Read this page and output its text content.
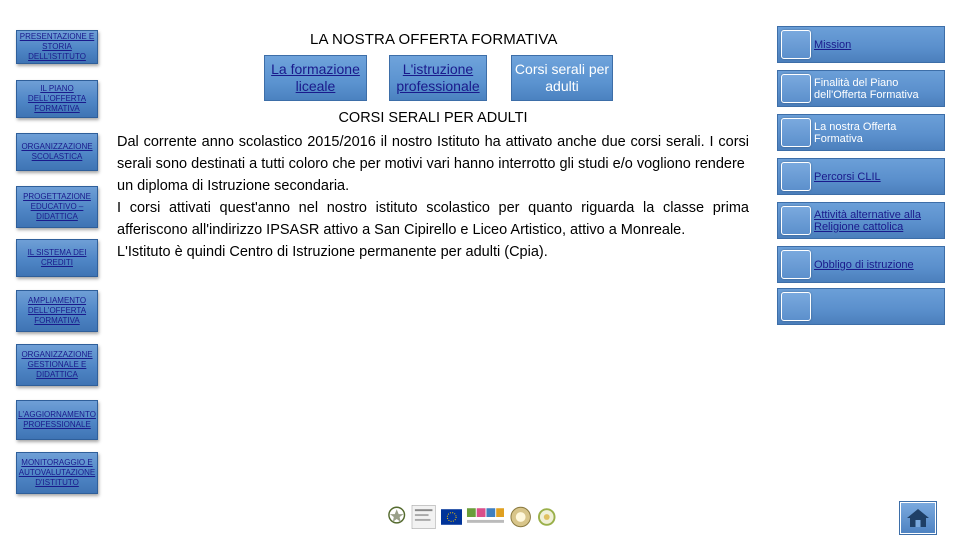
PRESENTAZIONE E STORIA DELL'ISTITUTO
IL PIANO DELL'OFFERTA FORMATIVA
ORGANIZZAZIONE SCOLASTICA
PROGETTAZIONE EDUCATIVO – DIDATTICA
IL SISTEMA DEI CREDITI
AMPLIAMENTO DELL'OFFERTA FORMATIVA
ORGANIZZAZIONE GESTIONALE E DIDATTICA
L'AGGIORNAMENTO PROFESSIONALE
MONITORAGGIO E AUTOVALUTAZIONE D'ISTITUTO
LA NOSTRA OFFERTA FORMATIVA
La formazione liceale
L'istruzione professionale
Corsi serali per adulti
CORSI SERALI PER ADULTI

Dal corrente anno scolastico 2015/2016 il nostro Istituto ha attivato anche due corsi serali. I corsi serali sono destinati a tutti coloro che per motivi vari hanno interrotto gli studi e/o vogliono rendere

un diploma di Istruzione secondaria.

I corsi attivati quest'anno nel nostro istituto scolastico per quanto riguarda la classe prima afferiscono all'indirizzo IPSASR attivo a San Cipirello e Liceo Artistico, attivo a Monreale.

L'Istituto è quindi Centro di Istruzione permanente per adulti (Cpia).

Mission
Finalità del Piano dell'Offerta Formativa
La nostra Offerta Formativa
Percorsi CLIL
Attività alternative alla Religione cattolica
Obbligo di istruzione
